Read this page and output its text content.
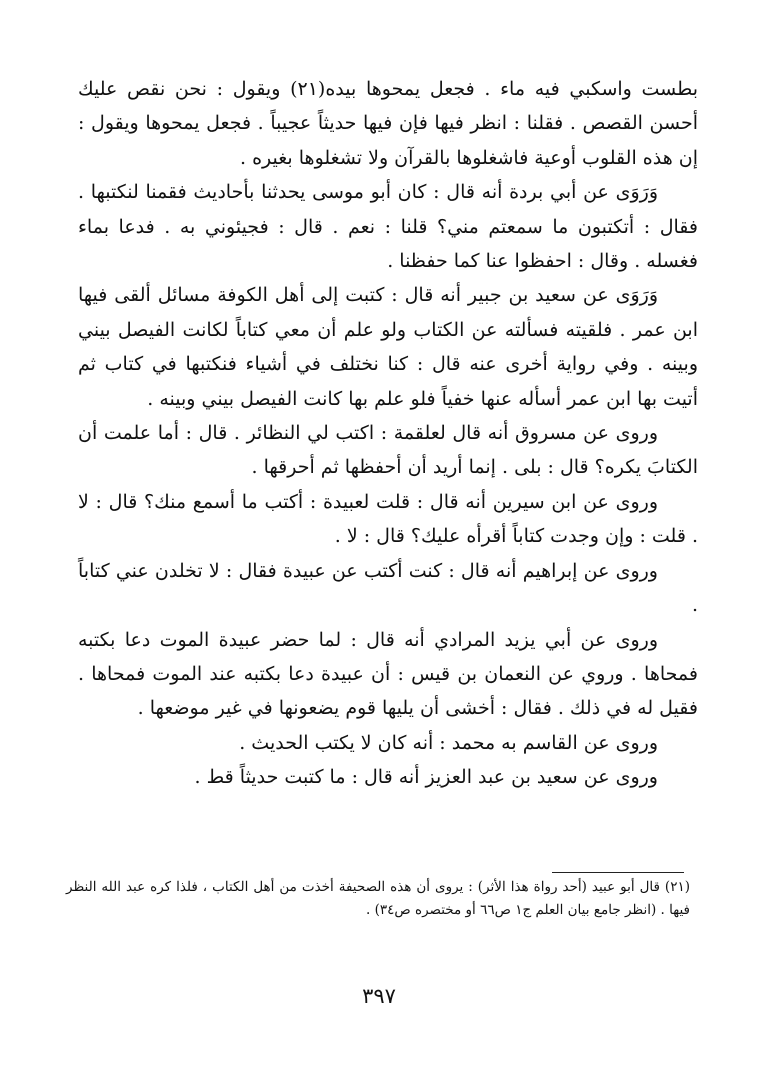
بطست واسكبي فيه ماء . فجعل يمحوها بيده(٢١) ويقول : نحن نقص عليك أحسن القصص . فقلنا : انظر فيها فإن فيها حديثاً عجيباً . فجعل يمحوها ويقول : إن هذه القلوب أوعية فاشغلوها بالقرآن ولا تشغلوها بغيره .

وَرَوَى عن أبي بردة أنه قال : كان أبو موسى يحدثنا بأحاديث فقمنا لنكتبها . فقال : أتكتبون ما سمعتم مني؟ قلنا : نعم . قال : فجيئوني به . فدعا بماء فغسله . وقال : احفظوا عنا كما حفظنا .

وَرَوَى عن سعيد بن جبير أنه قال : كتبت إلى أهل الكوفة مسائل ألقى فيها ابن عمر . فلقيته فسألته عن الكتاب ولو علم أن معي كتاباً لكانت الفيصل بيني وبينه . وفي رواية أخرى عنه قال : كنا نختلف في أشياء فنكتبها في كتاب ثم أتيت بها ابن عمر أسأله عنها خفياً فلو علم بها كانت الفيصل بيني وبينه .

وروى عن مسروق أنه قال لعلقمة : اكتب لي النظائر . قال : أما علمت أن الكتابَ يكره؟ قال : بلى . إنما أريد أن أحفظها ثم أحرقها .

وروى عن ابن سيرين أنه قال : قلت لعبيدة : أكتب ما أسمع منك؟ قال : لا . قلت : وإن وجدت كتاباً أقرأه عليك؟ قال : لا .

وروى عن إبراهيم أنه قال : كنت أكتب عن عبيدة فقال : لا تخلدن عني كتاباً .

وروى عن أبي يزيد المرادي أنه قال : لما حضر عبيدة الموت دعا بكتبه فمحاها . وروي عن النعمان بن قيس : أن عبيدة دعا بكتبه عند الموت فمحاها . فقيل له في ذلك . فقال : أخشى أن يليها قوم يضعونها في غير موضعها .

وروى عن القاسم به محمد : أنه كان لا يكتب الحديث .

وروى عن سعيد بن عبد العزيز أنه قال : ما كتبت حديثاً قط .

(٢١) قال أبو عبيد (أحد رواة هذا الأثر) : يروى أن هذه الصحيفة أخذت من أهل الكتاب ، فلذا كره عبد الله النظر فيها . (انظر جامع بيان العلم ج١ ص٦٦ أو مختصره ص٣٤) .

٣٩٧
